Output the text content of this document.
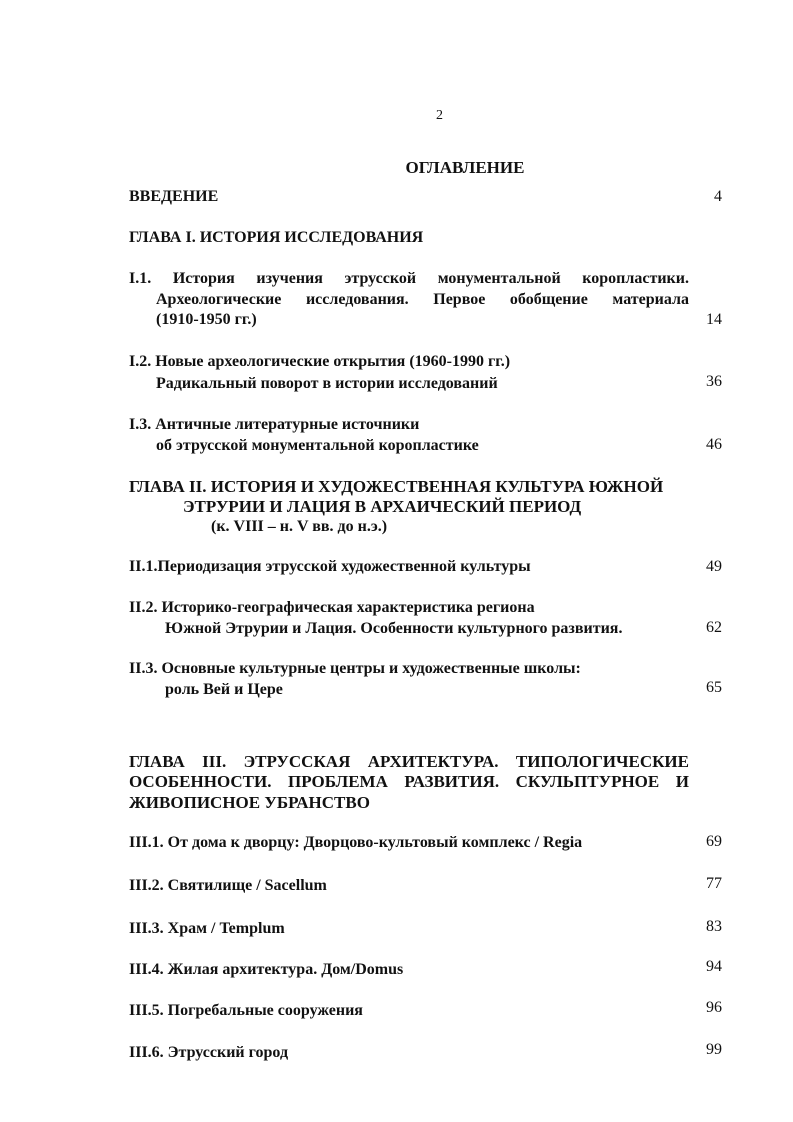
2
ОГЛАВЛЕНИЕ
ВВЕДЕНИЕ	4
ГЛАВА I. ИСТОРИЯ ИССЛЕДОВАНИЯ
I.1. История изучения этрусской монументальной коропластики.
Археологические исследования. Первое обобщение материала
(1910-1950 гг.)	14
I.2. Новые археологические открытия (1960-1990 гг.)
Радикальный поворот в истории исследований	36
I.3. Античные литературные источники
об этрусской монументальной коропластике	46
ГЛАВА II. ИСТОРИЯ И ХУДОЖЕСТВЕННАЯ КУЛЬТУРА ЮЖНОЙ
ЭТРУРИИ И ЛАЦИЯ В АРХАИЧЕСКИЙ ПЕРИОД
(к. VIII – н. V вв. до н.э.)
II.1.Периодизация этрусской художественной культуры	49
II.2. Историко-географическая характеристика региона
Южной Этрурии и Лация. Особенности культурного развития.	62
II.3. Основные культурные центры и художественные школы:
роль Вей и Цере	65
ГЛАВА III. ЭТРУССКАЯ АРХИТЕКТУРА. ТИПОЛОГИЧЕСКИЕ
ОСОБЕННОСТИ. ПРОБЛЕМА РАЗВИТИЯ. СКУЛЬПТУРНОЕ И
ЖИВОПИСНОЕ УБРАНСТВО
III.1. От дома к дворцу: Дворцово-культовый комплекс / Regia	69
III.2. Святилище / Sacellum	77
III.3. Храм / Templum	83
III.4. Жилая архитектура. Дом/Domus	94
III.5. Погребальные сооружения	96
III.6. Этрусский город	99
